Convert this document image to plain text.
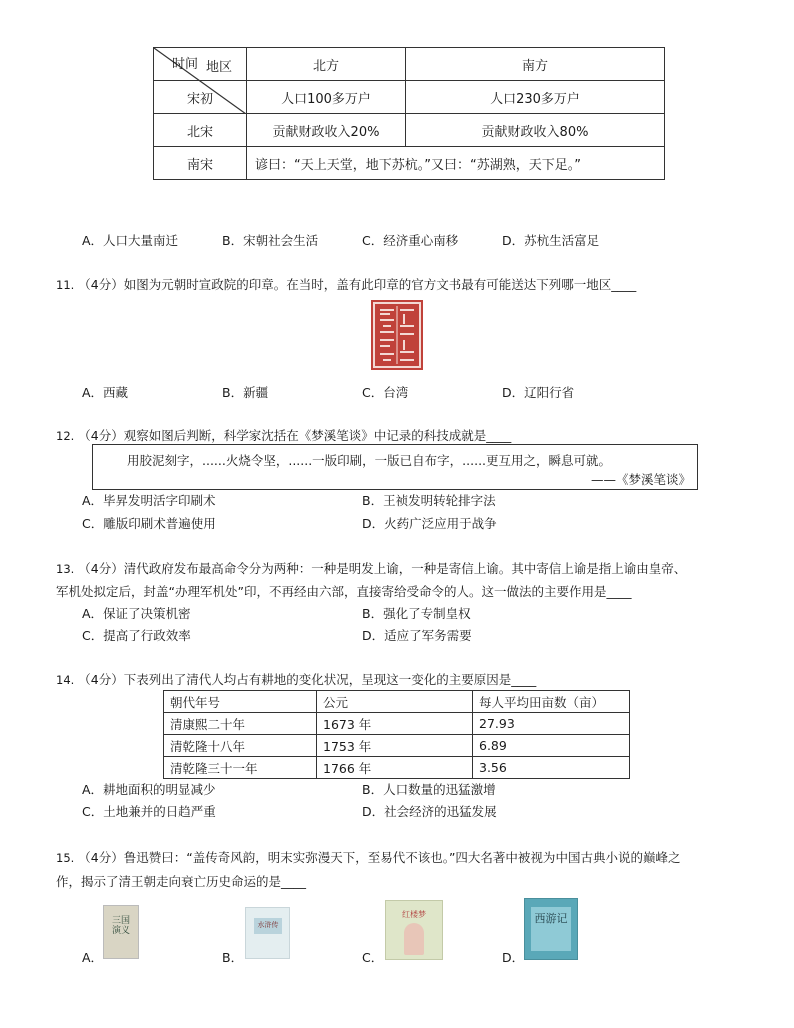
地区
时间	北方	南方
宋初	人口100多万户	人口230多万户
北宋	贡献财政收入20%	贡献财政收入80%
南宋	谚曰：“天上天堂，地下苏杭。”又曰：“苏湖熟，天下足。”	
A．人口大量南迁	B．宋朝社会生活	C．经济重心南移	D．苏杭生活富足
11. （4分）如图为元朝时宣政院的印章。在当时，盖有此印章的官方文书最有可能送达下列哪一地区____
A．西藏	B．新疆	C．台湾	D．辽阳行省
12. （4分）观察如图后判断，科学家沈括在《梦溪笔谈》中记录的科技成就是____
用胶泥刻字，......火烧令坚，......一版印刷，一版已自布字，......更互用之，瞬息可就。
——《梦溪笔谈》
A．毕昇发明活字印刷术	B．王祯发明转轮排字法
C．雕版印刷术普遍使用	D．火药广泛应用于战争
13. （4分）清代政府发布最高命令分为两种：一种是明发上谕，一种是寄信上谕。其中寄信上谕是指上谕由皇帝、
军机处拟定后，封盖“办理军机处”印，不再经由六部，直接寄给受命令的人。这一做法的主要作用是____
A．保证了决策机密	B．强化了专制皇权
C．提高了行政效率	D．适应了军务需要
14. （4分）下表列出了清代人均占有耕地的变化状况，呈现这一变化的主要原因是____
朝代年号	公元	每人平均田亩数（亩）
清康熙二十年	1673 年	27.93
清乾隆十八年	1753 年	6.89
清乾隆三十一年	1766 年	3.56
A．耕地面积的明显减少	B．人口数量的迅猛激增
C．土地兼并的日趋严重	D．社会经济的迅猛发展
15. （4分）鲁迅赞曰：“盖传奇风韵，明末实弥漫天下，至易代不该也。”四大名著中被视为中国古典小说的巅峰之
作，揭示了清王朝走向衰亡历史命运的是____
三国演义
水浒传
红楼梦	西游记
A．	B．	C．	D．
